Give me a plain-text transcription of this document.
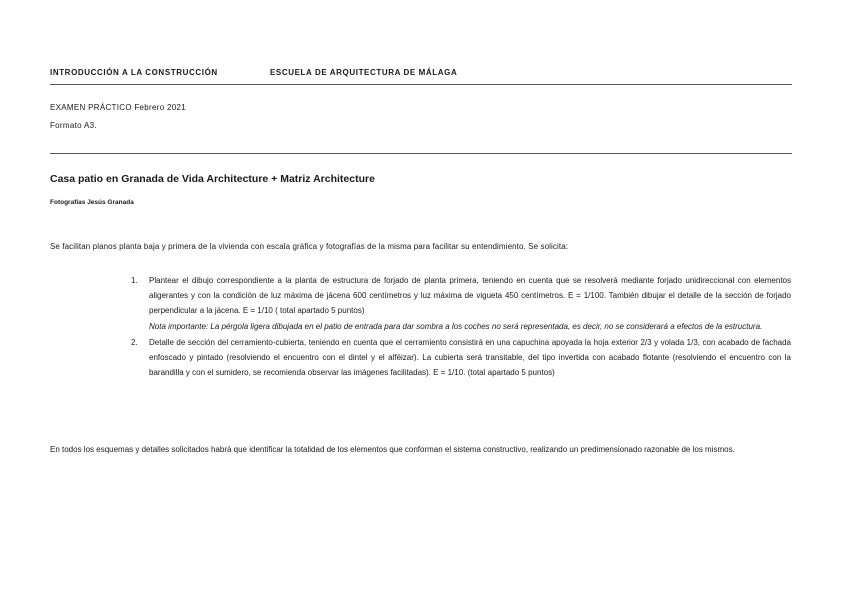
INTRODUCCIÓN A LA CONSTRUCCIÓN	ESCUELA DE ARQUITECTURA DE MÁLAGA
EXAMEN PRÁCTICO Febrero 2021
Formato A3.
Casa patio en Granada de Vida Architecture + Matriz Architecture
Fotografías Jesús Granada
Se facilitan planos planta baja y primera de la vivienda con escala gráfica y fotografías de la misma para facilitar su entendimiento. Se solicita:
1. Plantear el dibujo correspondiente a la planta de estructura de forjado de planta primera, teniendo en cuenta que se resolverá mediante forjado unidireccional con elementos aligerantes y con la condición de luz máxima de jácena 600 centímetros y luz máxima de vigueta 450 centímetros. E = 1/100. También dibujar el detalle de la sección de forjado perpendicular a la jácena. E = 1/10 ( total apartado 5 puntos)
Nota importante: La pérgola ligera dibujada en el patio de entrada para dar sombra a los coches no será representada, es decir, no se considerará a efectos de la estructura.
2. Detalle de sección del cerramiento-cubierta, teniendo en cuenta que el cerramiento consistirá en una capuchina apoyada la hoja exterior 2/3 y volada 1/3, con acabado de fachada enfoscado y pintado (resolviendo el encuentro con el dintel y el alféizar). La cubierta será transitable, del tipo invertida con acabado flotante (resolviendo el encuentro con la barandilla y con el sumidero, se recomienda observar las imágenes facilitadas). E = 1/10. (total apartado 5 puntos)
En todos los esquemas y detalles solicitados habrá que identificar la totalidad de los elementos que conforman el sistema constructivo, realizando un predimensionado razonable de los mismos.
